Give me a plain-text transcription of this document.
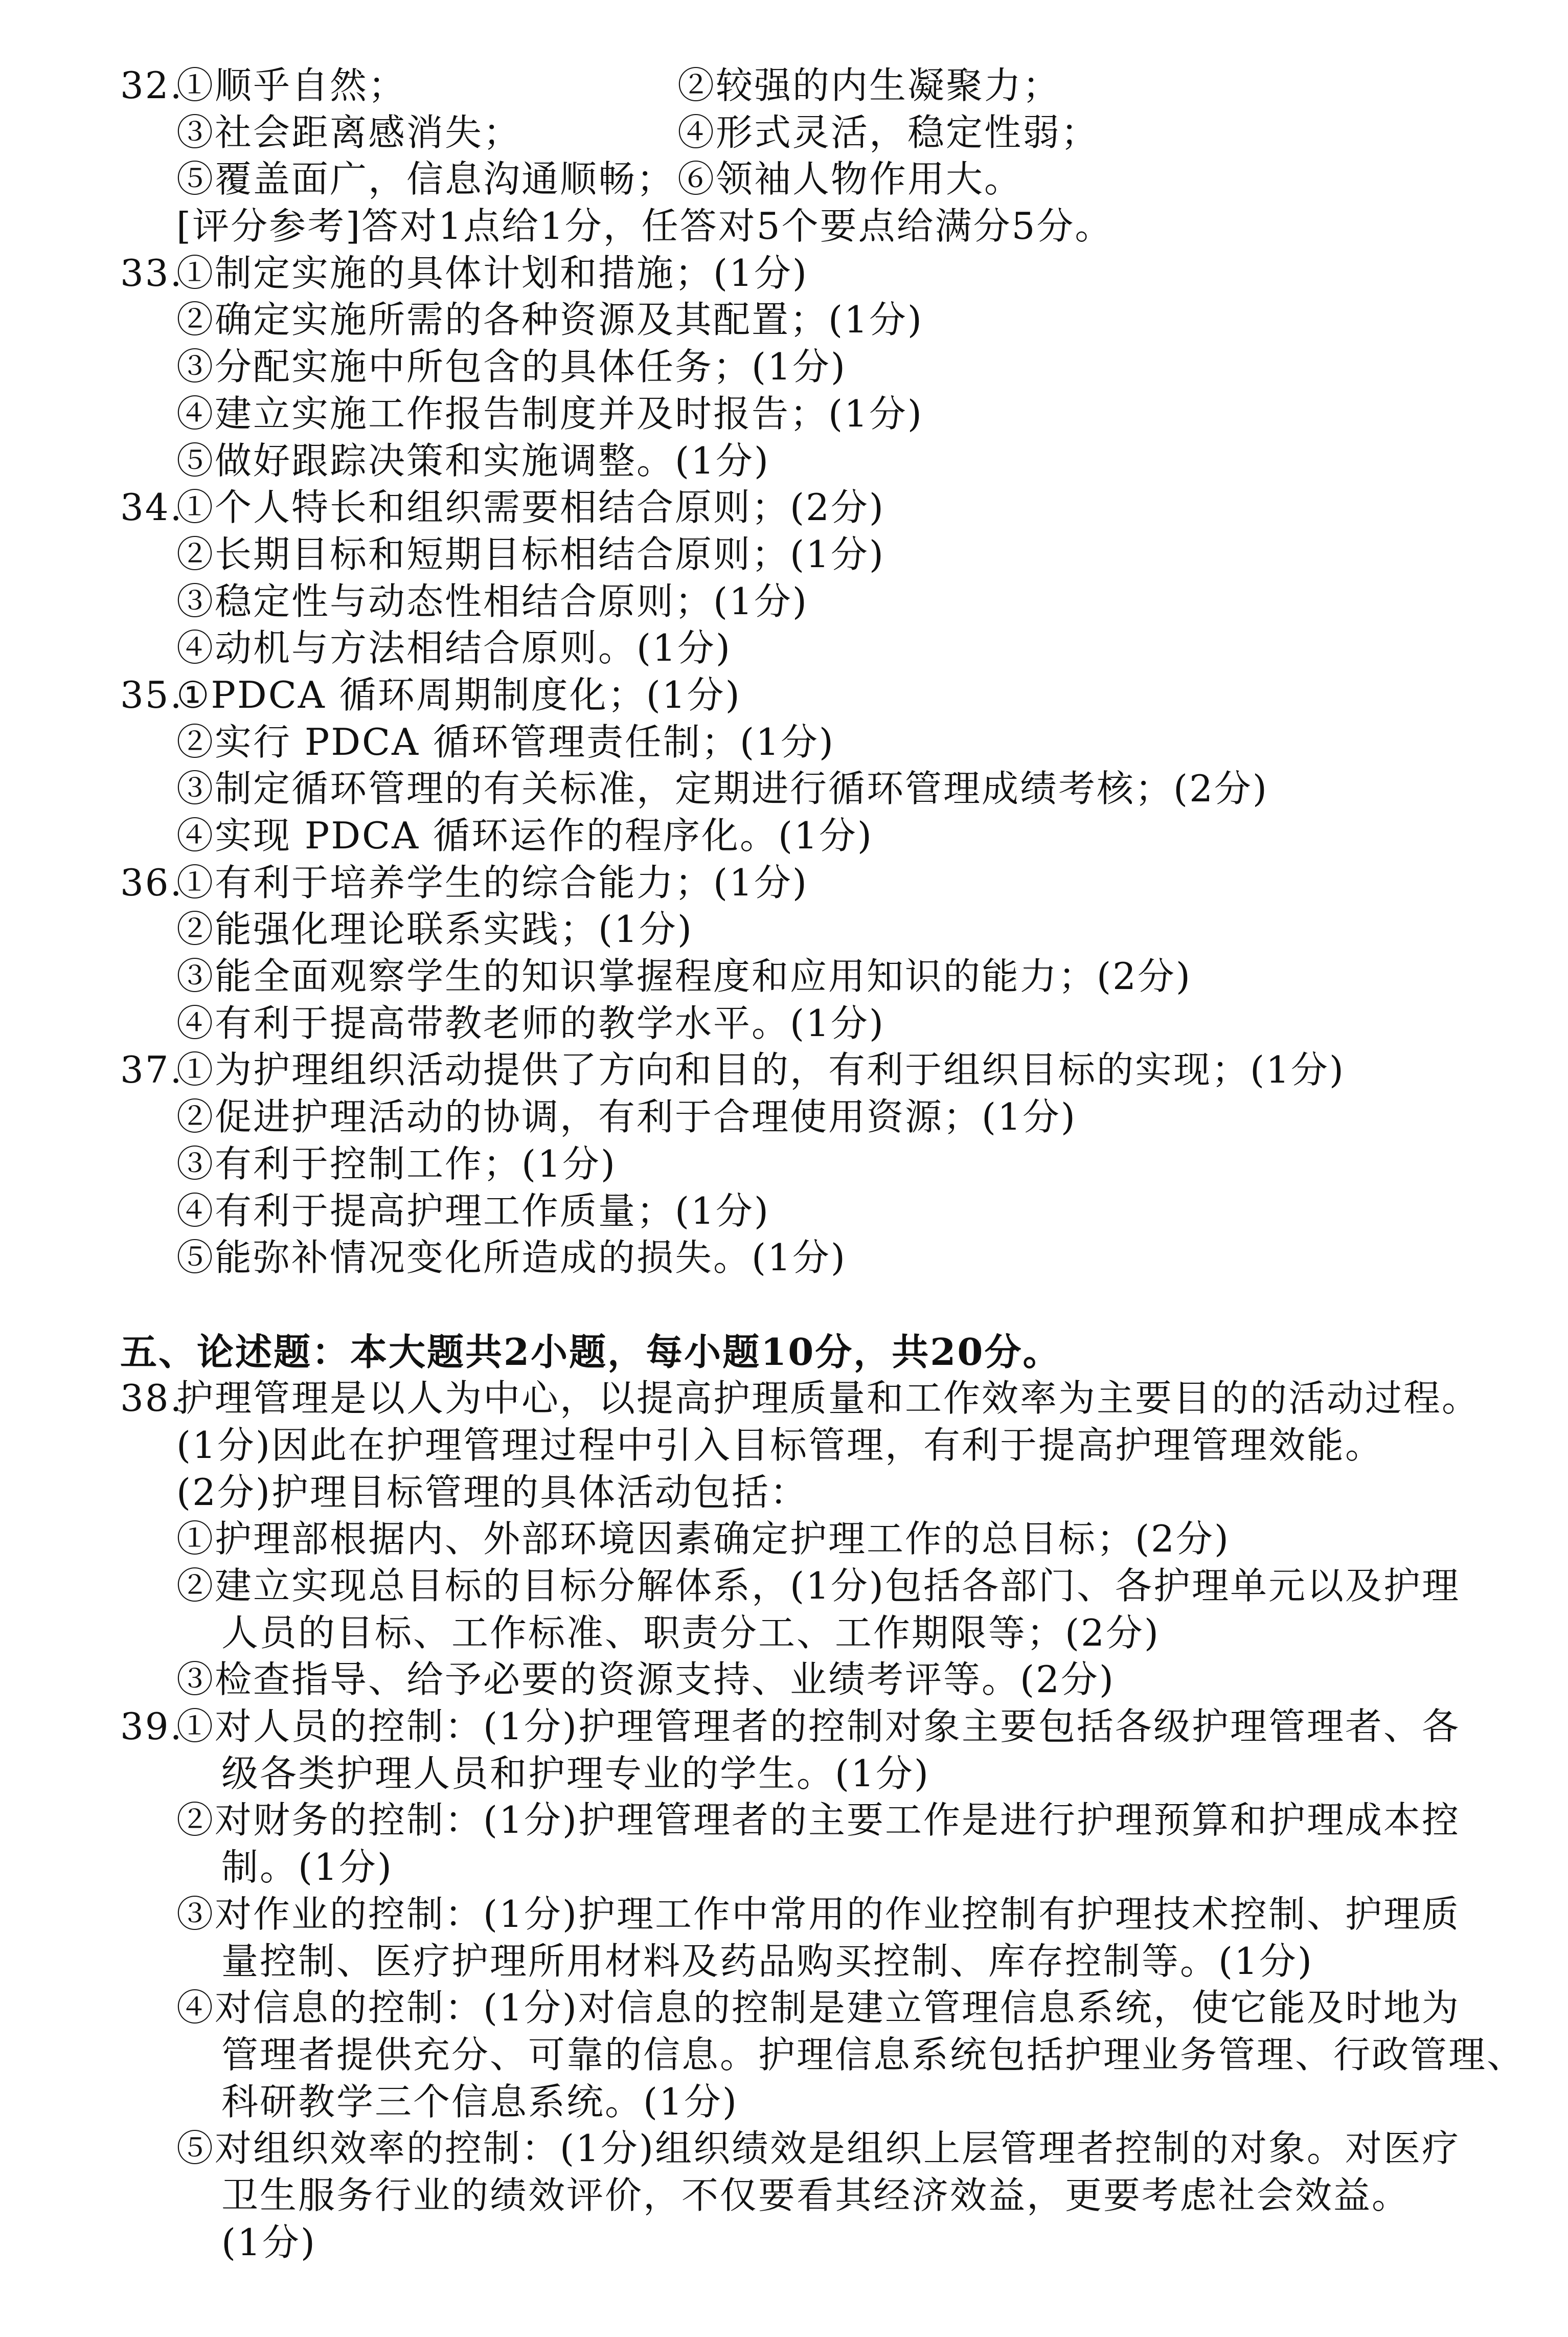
32.
①顺乎自然；	②较强的内生凝聚力；
③社会距离感消失；	④形式灵活，稳定性弱；
⑤覆盖面广，信息沟通顺畅； ⑥领袖人物作用大。
[评分参考]答对1点给1分，任答对5个要点给满分5分。
33.
①制定实施的具体计划和措施；(1分)
②确定实施所需的各种资源及其配置；(1分)
③分配实施中所包含的具体任务；(1分)
④建立实施工作报告制度并及时报告；(1分)
⑤做好跟踪决策和实施调整。(1分)
34.
①个人特长和组织需要相结合原则；(2分)
②长期目标和短期目标相结合原则；(1分)
③稳定性与动态性相结合原则；(1分)
④动机与方法相结合原则。(1分)
35.
①PDCA 循环周期制度化；(1分)
②实行 PDCA 循环管理责任制；(1分)
③制定循环管理的有关标准，定期进行循环管理成绩考核；(2分)
④实现 PDCA 循环运作的程序化。(1分)
36.
①有利于培养学生的综合能力；(1分)
②能强化理论联系实践；(1分)
③能全面观察学生的知识掌握程度和应用知识的能力；(2分)
④有利于提高带教老师的教学水平。(1分)
37.
①为护理组织活动提供了方向和目的，有利于组织目标的实现；(1分)
②促进护理活动的协调，有利于合理使用资源；(1分)
③有利于控制工作；(1分)
④有利于提高护理工作质量；(1分)
⑤能弥补情况变化所造成的损失。(1分)
五、论述题：本大题共2小题，每小题10分，共20分。
38.
护理管理是以人为中心，以提高护理质量和工作效率为主要目的的活动过程。
(1分)因此在护理管理过程中引入目标管理，有利于提高护理管理效能。
(2分)护理目标管理的具体活动包括：
①护理部根据内、外部环境因素确定护理工作的总目标；(2分)
②建立实现总目标的目标分解体系，(1分)包括各部门、各护理单元以及护理
人员的目标、工作标准、职责分工、工作期限等；(2分)
③检查指导、给予必要的资源支持、业绩考评等。(2分)
39.
①对人员的控制：(1分)护理管理者的控制对象主要包括各级护理管理者、各
级各类护理人员和护理专业的学生。(1分)
②对财务的控制：(1分)护理管理者的主要工作是进行护理预算和护理成本控
制。(1分)
③对作业的控制：(1分)护理工作中常用的作业控制有护理技术控制、护理质
量控制、医疗护理所用材料及药品购买控制、库存控制等。(1分)
④对信息的控制：(1分)对信息的控制是建立管理信息系统，使它能及时地为
管理者提供充分、可靠的信息。护理信息系统包括护理业务管理、行政管理、
科研教学三个信息系统。(1分)
⑤对组织效率的控制：(1分)组织绩效是组织上层管理者控制的对象。对医疗
卫生服务行业的绩效评价，不仅要看其经济效益，更要考虑社会效益。
(1分)
